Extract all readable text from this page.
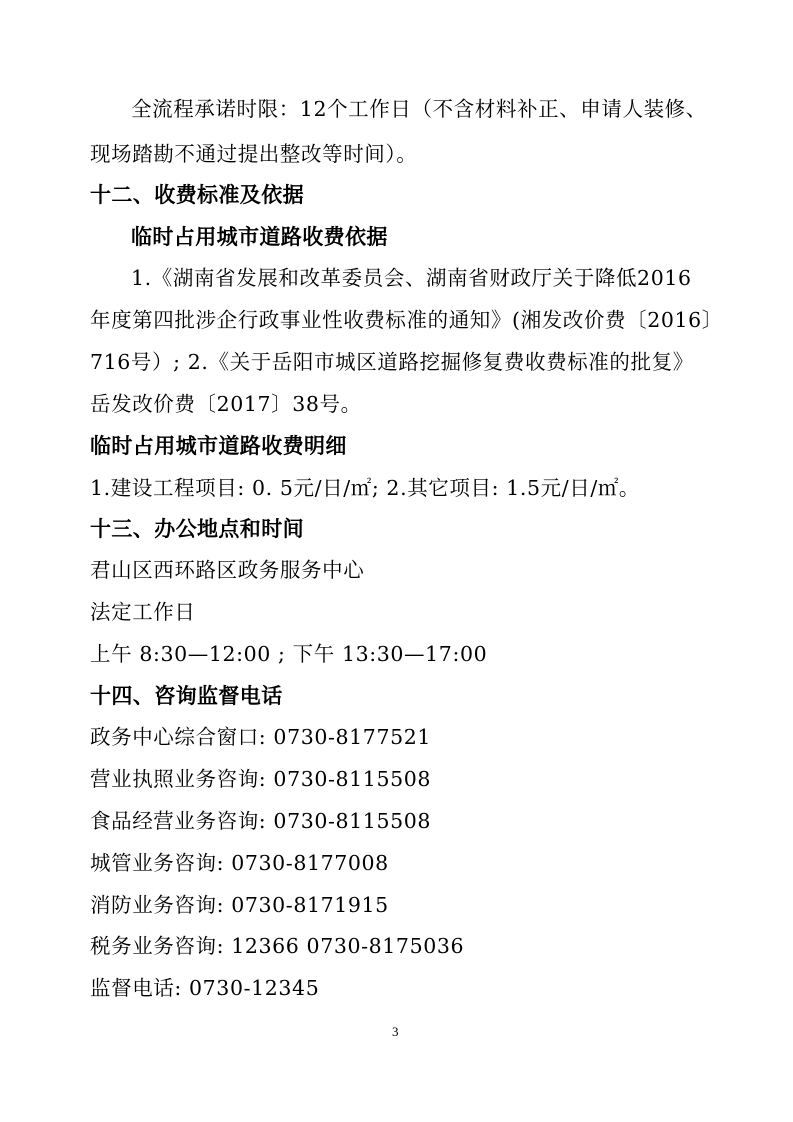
全流程承诺时限：12个工作日（不含材料补正、申请人装修、
现场踏勘不通过提出整改等时间）。
十二、收费标准及依据
临时占用城市道路收费依据
1.《湖南省发展和改革委员会、湖南省财政厅关于降低2016
年度第四批涉企行政事业性收费标准的通知》(湘发改价费〔2016〕
716号）; 2.《关于岳阳市城区道路挖掘修复费收费标准的批复》
岳发改价费〔2017〕38号。
临时占用城市道路收费明细
1.建设工程项目: 0. 5元/日/㎡; 2.其它项目: 1.5元/日/㎡。
十三、办公地点和时间
君山区西环路区政务服务中心
法定工作日
上午 8:30—12:00 ; 下午 13:30—17:00
十四、咨询监督电话
政务中心综合窗口: 0730-8177521
营业执照业务咨询: 0730-8115508
食品经营业务咨询: 0730-8115508
城管业务咨询: 0730-8177008
消防业务咨询: 0730-8171915
税务业务咨询: 12366 0730-8175036
监督电话: 0730-12345
3
